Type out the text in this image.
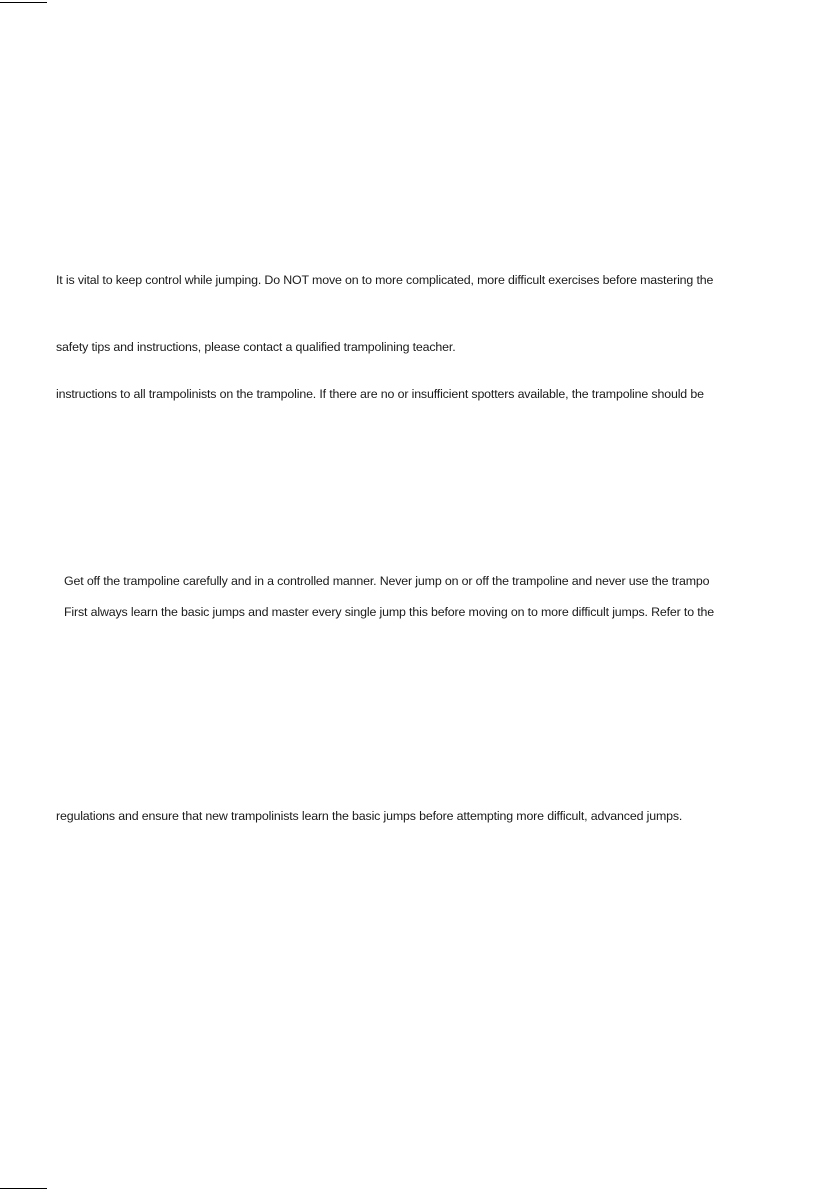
It is vital to keep control while jumping. Do NOT move on to more complicated, more difficult exercises before mastering the
safety tips and instructions, please contact a qualified trampolining teacher.
instructions to all trampolinists on the trampoline. If there are no or insufficient spotters available, the trampoline should be
Get off the trampoline carefully and in a controlled manner. Never jump on or off the trampoline and never use the trampo
First always learn the basic jumps and master every single jump this before moving on to more difficult jumps. Refer to the
regulations and ensure that new trampolinists learn the basic jumps before attempting more difficult, advanced jumps.
